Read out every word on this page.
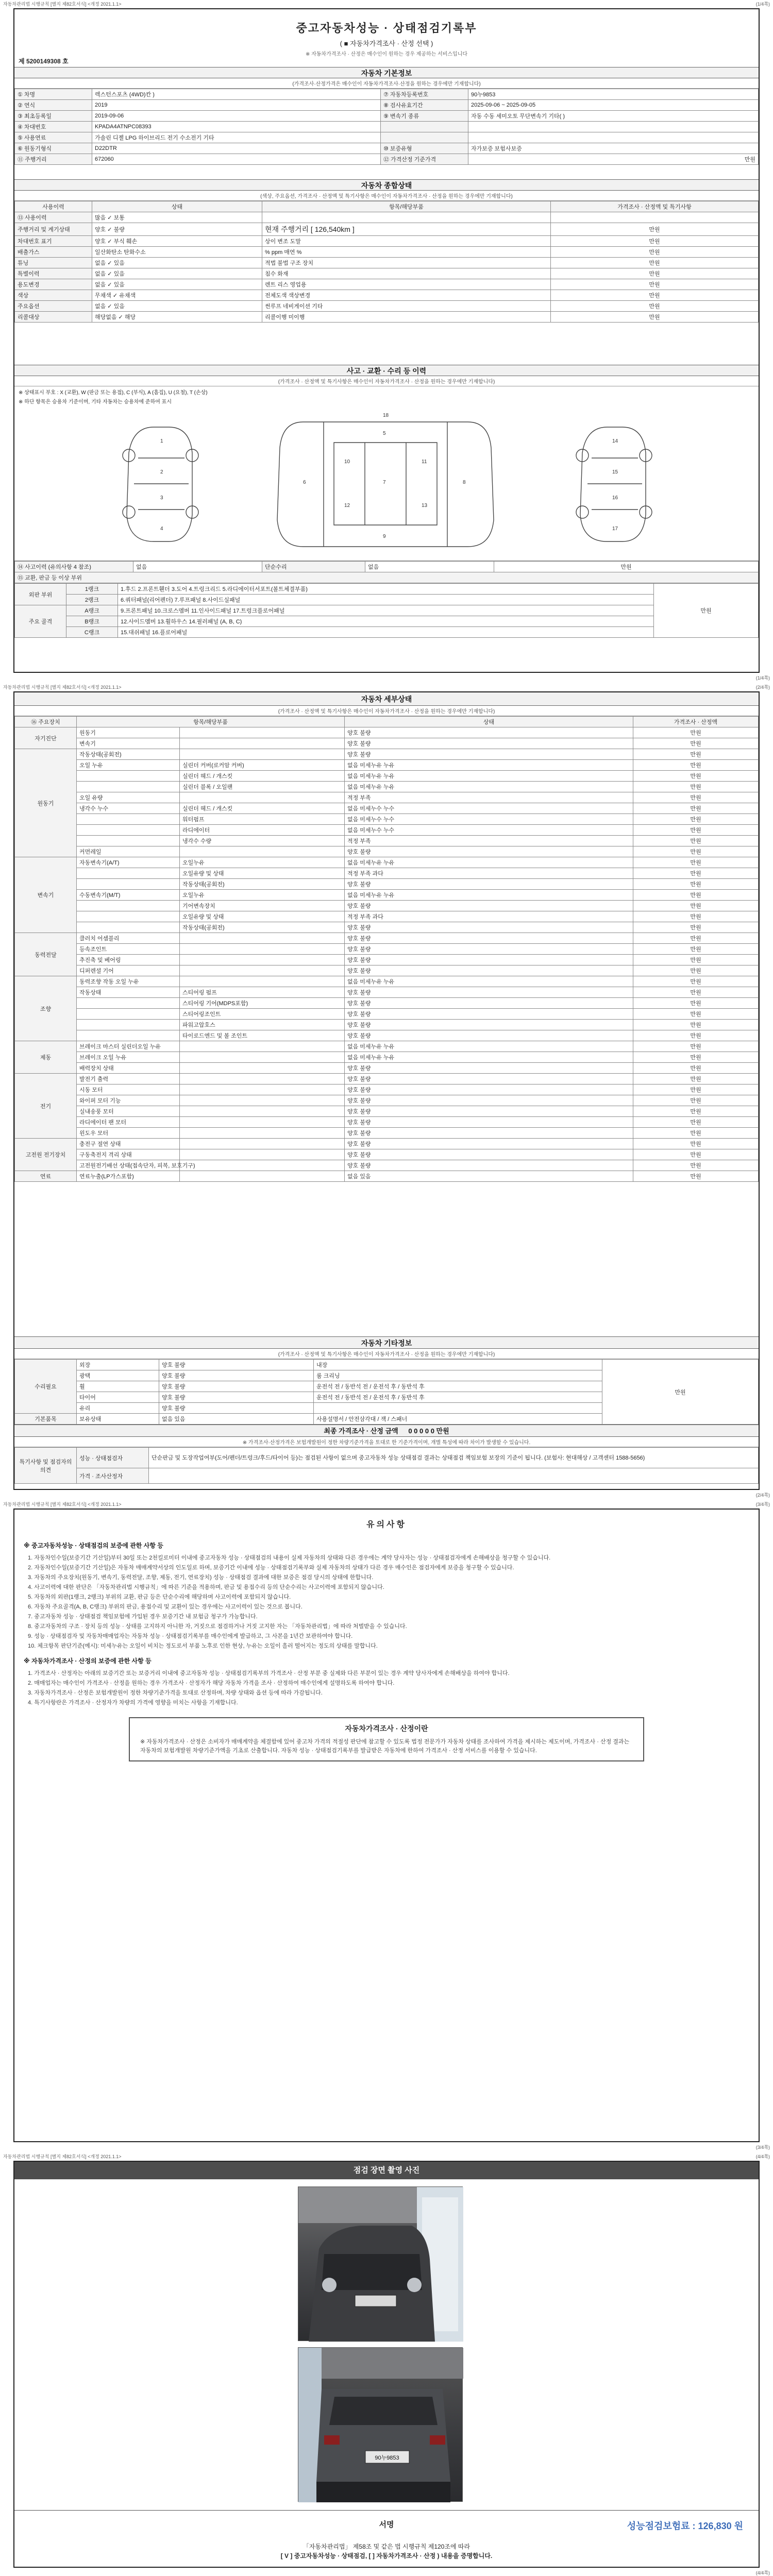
자동차관리법 시행규칙 [별지 제82호서식] <개정 2021.1.1>	(1/4쪽)
중고자동차성능 · 상태점검기록부
( ■ 자동차가격조사 · 산정 선택 )
※ 자동차가격조사 · 산정은 매수인이 원하는 경우 제공하는 서비스입니다
제 5200149308 호
자동차 기본정보
(가격조사·산정가격은 매수인이 자동차가격조사·산정을 원하는 경우에만 기재합니다)
① 차명	렉스턴스포츠 (4WD)칸 )	⑦ 자동차등록번호	90누9853
② 연식	2019	⑧ 검사유효기간	2025-09-06 ~ 2025-09-05
③ 최초등록일	2019-09-06	⑨ 변속기 종류	자동 수동 세미오토 무단변속기 기타( )
④ 차대번호	KPADA4ATNPC08393		
⑤ 사용연료	가솔린 디젤 LPG 하이브리드 전기 수소전기 기타		
⑥ 원동기형식	D22DTR	⑩ 보증유형	자가보증 보험사보증
⑪ 주행거리	672060	⑫ 가격산정 기준가격	만원
자동차 종합상태
(색상, 주요옵션, 가격조사 · 산정액 및 특기사항은 매수인이 자동차가격조사 · 산정을 원하는 경우에만 기재합니다)
사용이력	상태	항목/해당부품	가격조사 · 산정액 및 특기사항
⑬ 사용이력	많음 ✓ 보통		
주행거리 및 계기상태	양호 ✓ 불량	현재 주행거리 [ 126,540km ]	만원
차대번호 표기	양호 ✓ 부식 훼손	상이 변조 도말	만원
배출가스	일산화탄소 탄화수소	% ppm 매연 %	만원
튜닝	없음 ✓ 있음	적법 불법 구조 장치	만원
특별이력	없음 ✓ 있음	침수 화재	만원
용도변경	없음 ✓ 있음	렌트 리스 영업용	만원
색상	무채색 ✓ 유채색	전체도색 색상변경	만원
주요옵션	없음 ✓ 있음	썬루프 네비게이션 기타	만원
리콜대상	해당없음 ✓ 해당	리콜이행 미이행	만원
사고 · 교환 · 수리 등 이력
(가격조사 · 산정액 및 특기사항은 매수인이 자동차가격조사 · 산정을 원하는 경우에만 기재합니다)
※ 상태표시 부호 : X (교환), W (판금 또는 용접), C (부식), A (흠집), U (요철), T (손상)
※ 하단 항목은 승용차 기준이며, 기타 자동차는 승용차에 준하여 표시
1
2
3
4
5
6	7	8
9
10	11
12	13
14
15
16
17
18
⑭ 사고이력 (유의사항 4 참조)	없음	단순수리	없음	만원
⑮ 교환, 판금 등 이상 부위
외판 부위	1랭크	1.후드 2.프론트휀더 3.도어 4.트렁크리드 5.라디에이터서포트(볼트체결부품)	만원
	2랭크	6.쿼터패널(리어펜더) 7.루프패널 8.사이드실패널	
주요 골격	A랭크	9.프론트패널 10.크로스멤버 11.인사이드패널 17.트렁크플로어패널	
	B랭크	12.사이드멤버 13.휠하우스 14.필러패널 (A, B, C)	
	C랭크	15.대쉬패널 16.플로어패널	
(1/4쪽)
자동차관리법 시행규칙 [별지 제82호서식] <개정 2021.1.1>	(2/4쪽)
자동차 세부상태
(가격조사 · 산정액 및 특기사항은 매수인이 자동차가격조사 · 산정을 원하는 경우에만 기재합니다)
⑯ 주요장치	항목/해당부품		상태	가격조사 · 산정액
자기진단	원동기		양호 불량	만원
	변속기		양호 불량	만원
원동기	작동상태(공회전)		양호 불량	만원
	오일 누유	실린더 커버(로커암 커버)	없음 미세누유 누유	만원
		실린더 헤드 / 개스킷	없음 미세누유 누유	만원
		실린더 블록 / 오일팬	없음 미세누유 누유	만원
	오일 유량		적정 부족	만원
	냉각수 누수	실린더 헤드 / 개스킷	없음 미세누수 누수	만원
		워터펌프	없음 미세누수 누수	만원
		라디에이터	없음 미세누수 누수	만원
		냉각수 수량	적정 부족	만원
	커먼레일		양호 불량	만원
변속기	자동변속기(A/T)	오일누유	없음 미세누유 누유	만원
		오일유량 및 상태	적정 부족 과다	만원
		작동상태(공회전)	양호 불량	만원
	수동변속기(M/T)	오일누유	없음 미세누유 누유	만원
		기어변속장치	양호 불량	만원
		오일유량 및 상태	적정 부족 과다	만원
		작동상태(공회전)	양호 불량	만원
동력전달	클러치 어셈블리		양호 불량	만원
	등속조인트		양호 불량	만원
	추진축 및 베어링		양호 불량	만원
	디퍼렌셜 기어		양호 불량	만원
조향	동력조향 작동 오일 누유		없음 미세누유 누유	만원
	작동상태	스티어링 펌프	양호 불량	만원
		스티어링 기어(MDPS포함)	양호 불량	만원
		스티어링조인트	양호 불량	만원
		파워고압호스	양호 불량	만원
		타이로드엔드 및 볼 조인트	양호 불량	만원
제동	브레이크 마스터 실린더오일 누유		없음 미세누유 누유	만원
	브레이크 오일 누유		없음 미세누유 누유	만원
	배력장치 상태		양호 불량	만원
전기	발전기 출력		양호 불량	만원
	시동 모터		양호 불량	만원
	와이퍼 모터 기능		양호 불량	만원
	실내송풍 모터		양호 불량	만원
	라디에이터 팬 모터		양호 불량	만원
	윈도우 모터		양호 불량	만원
고전원 전기장치	충전구 절연 상태		양호 불량	만원
	구동축전지 격리 상태		양호 불량	만원
	고전원전기배선 상태(접속단자, 피복, 보호기구)		양호 불량	만원
연료	연료누출(LP가스포함)		없음 있음	만원
자동차 기타정보
(가격조사 · 산정액 및 특기사항은 매수인이 자동차가격조사 · 산정을 원하는 경우에만 기재합니다)
수리필요	외장	양호 불량	내장	만원
	광택	양호 불량	룸 크리닝	
	휠	양호 불량	운전석 전 / 동반석 전 / 운전석 후 / 동반석 후	
	타이어	양호 불량	운전석 전 / 동반석 전 / 운전석 후 / 동반석 후	
	유리	양호 불량		
기본품목	보유상태	없음 있음	사용설명서 / 안전삼각대 / 잭 / 스패너	
최종 가격조사 · 산정 금액 0 0 0 0 0 만원
※ 가격조사·산정가격은 보험개발원이 정한 차량기준가격을 토대로 한 기준가격이며, 개별 특성에 따라 차이가 발생할 수 있습니다.
특기사항 및 점검자의 의견	성능 · 상태점검자	단순판금 및 도장작업여부(도어/펜더/트렁크/후드/타이어 등)는 점검된 사항이 없으며 중고자동차 성능 상태점검 결과는 상태점검 책임보험 보장의 기준이 됩니다. (보험사: 현대해상 / 고객센터 1588-5656)
	가격 · 조사산정자	
(2/4쪽)
자동차관리법 시행규칙 [별지 제82호서식] <개정 2021.1.1>	(3/4쪽)
유의사항
※ 중고자동차성능 · 상태점검의 보증에 관한 사항 등

1. 자동차인수일(보증기간 기산일)부터 30일 또는 2천킬로미터 이내에 중고자동차 성능 · 상태점검의 내용이 실제 자동차의 상태와 다른 경우에는 계약 당사자는 성능 · 상태점검자에게 손해배상을 청구할 수 있습니다.

2. 자동차인수일(보증기간 기산일)은 자동차 매매계약서상의 인도일로 하며, 보증기간 이내에 성능 · 상태점검기록부와 실제 자동차의 상태가 다른 경우 매수인은 점검자에게 보증을 청구할 수 있습니다.

3. 자동차의 주요장치(원동기, 변속기, 동력전달, 조향, 제동, 전기, 연료장치) 성능 · 상태점검 결과에 대한 보증은 점검 당시의 상태에 한합니다.

4. 사고이력에 대한 판단은 「자동차관리법 시행규칙」에 따른 기준을 적용하며, 판금 및 용접수리 등의 단순수리는 사고이력에 포함되지 않습니다.

5. 자동차의 외판(1랭크, 2랭크) 부위의 교환, 판금 등은 단순수리에 해당하며 사고이력에 포함되지 않습니다.

6. 자동차 주요골격(A, B, C랭크) 부위의 판금, 용접수리 및 교환이 있는 경우에는 사고이력이 있는 것으로 봅니다.

7. 중고자동차 성능 · 상태점검 책임보험에 가입된 경우 보증기간 내 보험금 청구가 가능합니다.

8. 중고자동차의 구조 · 장치 등의 성능 · 상태를 고지하지 아니한 자, 거짓으로 점검하거나 거짓 고지한 자는 「자동차관리법」에 따라 처벌받을 수 있습니다.

9. 성능 · 상태점검자 및 자동차매매업자는 자동차 성능 · 상태점검기록부를 매수인에게 발급하고, 그 사본을 1년간 보관하여야 합니다.

10. 체크항목 판단기준(예시): 미세누유는 오일이 비치는 정도로서 부품 노후로 인한 현상, 누유는 오일이 흘러 떨어지는 정도의 상태를 말합니다.

※ 자동차가격조사 · 산정의 보증에 관한 사항 등

1. 가격조사 · 산정자는 아래의 보증기간 또는 보증거리 이내에 중고자동차 성능 · 상태점검기록부의 가격조사 · 산정 부분 중 실제와 다른 부분이 있는 경우 계약 당사자에게 손해배상을 하여야 합니다.

2. 매매업자는 매수인이 가격조사 · 산정을 원하는 경우 가격조사 · 산정자가 해당 자동차 가격을 조사 · 산정하여 매수인에게 설명하도록 하여야 합니다.

3. 자동차가격조사 · 산정은 보험개발원이 정한 차량기준가격을 토대로 산정하며, 차량 상태와 옵션 등에 따라 가감됩니다.

4. 특기사항란은 가격조사 · 산정자가 차량의 가격에 영향을 미치는 사항을 기재합니다.

자동차가격조사 · 산정이란

※ 자동차가격조사 · 산정은 소비자가 매매계약을 체결함에 있어 중고차 가격의 적절성 판단에 참고할 수 있도록 법정 전문가가 자동차 상태를 조사하여 가격을 제시하는 제도이며, 가격조사 · 산정 결과는 자동차의 보험개발원 차량기준가액을 기초로 산출합니다. 자동차 성능 · 상태점검기록부를 발급받은 자동차에 한하여 가격조사 · 산정 서비스를 이용할 수 있습니다.

(3/4쪽)
자동차관리법 시행규칙 [별지 제82호서식] <개정 2021.1.1>	(4/4쪽)
점검 장면 촬영 사진
90누9853
서명	성능점검보험료 : 126,830 원
「자동차관리법」 제58조 및 같은 법 시행규칙 제120조에 따라
[ V ] 중고자동차성능 · 상태점검, [ ] 자동차가격조사 · 산정 ) 내용을 증명합니다.
(4/4쪽)
